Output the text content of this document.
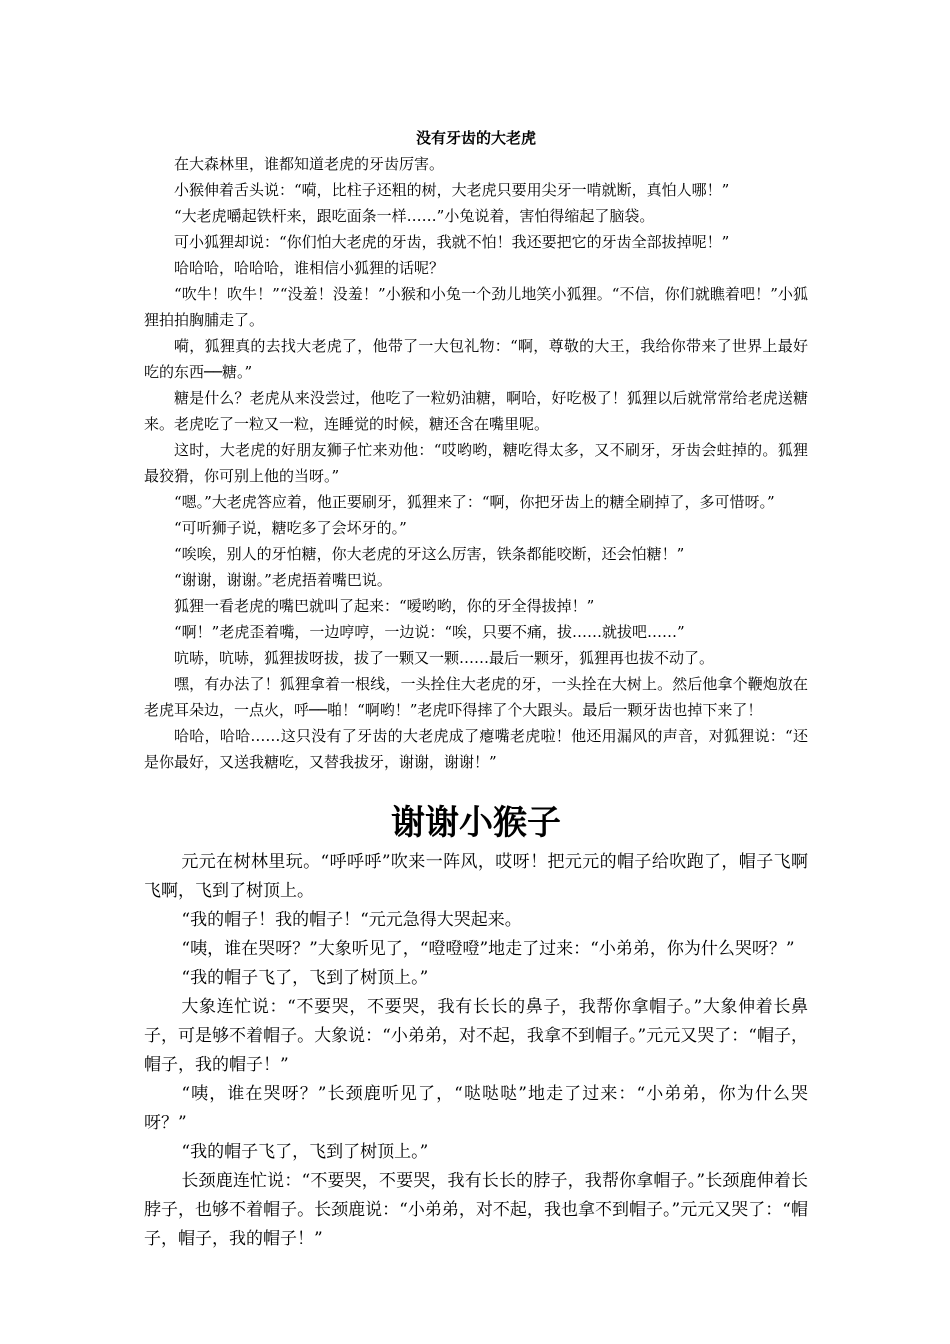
没有牙齿的大老虎

在大森林里，谁都知道老虎的牙齿厉害。

小猴伸着舌头说：“嗬，比柱子还粗的树，大老虎只要用尖牙一啃就断，真怕人哪！”

“大老虎嚼起铁杆来，跟吃面条一样……”小兔说着，害怕得缩起了脑袋。

可小狐狸却说：“你们怕大老虎的牙齿，我就不怕！我还要把它的牙齿全部拔掉呢！”

哈哈哈，哈哈哈，谁相信小狐狸的话呢？

“吹牛！吹牛！”“没羞！没羞！”小猴和小兔一个劲儿地笑小狐狸。“不信，你们就瞧着吧！”小狐狸拍拍胸脯走了。

嗬，狐狸真的去找大老虎了，他带了一大包礼物：“啊，尊敬的大王，我给你带来了世界上最好吃的东西──糖。”

糖是什么？老虎从来没尝过，他吃了一粒奶油糖，啊哈，好吃极了！狐狸以后就常常给老虎送糖来。老虎吃了一粒又一粒，连睡觉的时候，糖还含在嘴里呢。

这时，大老虎的好朋友狮子忙来劝他：“哎哟哟，糖吃得太多，又不刷牙，牙齿会蛀掉的。狐狸最狡猾，你可别上他的当呀。”

“嗯。”大老虎答应着，他正要刷牙，狐狸来了：“啊，你把牙齿上的糖全刷掉了，多可惜呀。”

“可听狮子说，糖吃多了会坏牙的。”

“唉唉，别人的牙怕糖，你大老虎的牙这么厉害，铁条都能咬断，还会怕糖！”

“谢谢，谢谢。”老虎捂着嘴巴说。

狐狸一看老虎的嘴巴就叫了起来：“嗳哟哟，你的牙全得拔掉！”

“啊！”老虎歪着嘴，一边哼哼，一边说：“唉，只要不痛，拔……就拔吧……”

吭哧，吭哧，狐狸拔呀拔，拔了一颗又一颗……最后一颗牙，狐狸再也拔不动了。

嘿，有办法了！狐狸拿着一根线，一头拴住大老虎的牙，一头拴在大树上。然后他拿个鞭炮放在老虎耳朵边，一点火，呼──啪！“啊哟！”老虎吓得摔了个大跟头。最后一颗牙齿也掉下来了！

哈哈，哈哈……这只没有了牙齿的大老虎成了瘪嘴老虎啦！他还用漏风的声音，对狐狸说：“还是你最好，又送我糖吃，又替我拔牙，谢谢，谢谢！”

谢谢小猴子

元元在树林里玩。“呼呼呼”吹来一阵风，哎呀！把元元的帽子给吹跑了，帽子飞啊飞啊，飞到了树顶上。

“我的帽子！我的帽子！“元元急得大哭起来。

“咦，谁在哭呀？”大象听见了，“噔噔噔”地走了过来：“小弟弟，你为什么哭呀？”

“我的帽子飞了，飞到了树顶上。”

大象连忙说：“不要哭，不要哭，我有长长的鼻子，我帮你拿帽子。”大象伸着长鼻子，可是够不着帽子。大象说：“小弟弟，对不起，我拿不到帽子。”元元又哭了：“帽子，帽子，我的帽子！”

“咦，谁在哭呀？”长颈鹿听见了，“哒哒哒”地走了过来：“小弟弟，你为什么哭呀？”

“我的帽子飞了，飞到了树顶上。”

长颈鹿连忙说：“不要哭，不要哭，我有长长的脖子，我帮你拿帽子。”长颈鹿伸着长脖子，也够不着帽子。长颈鹿说：“小弟弟，对不起，我也拿不到帽子。”元元又哭了：“帽子，帽子，我的帽子！”
